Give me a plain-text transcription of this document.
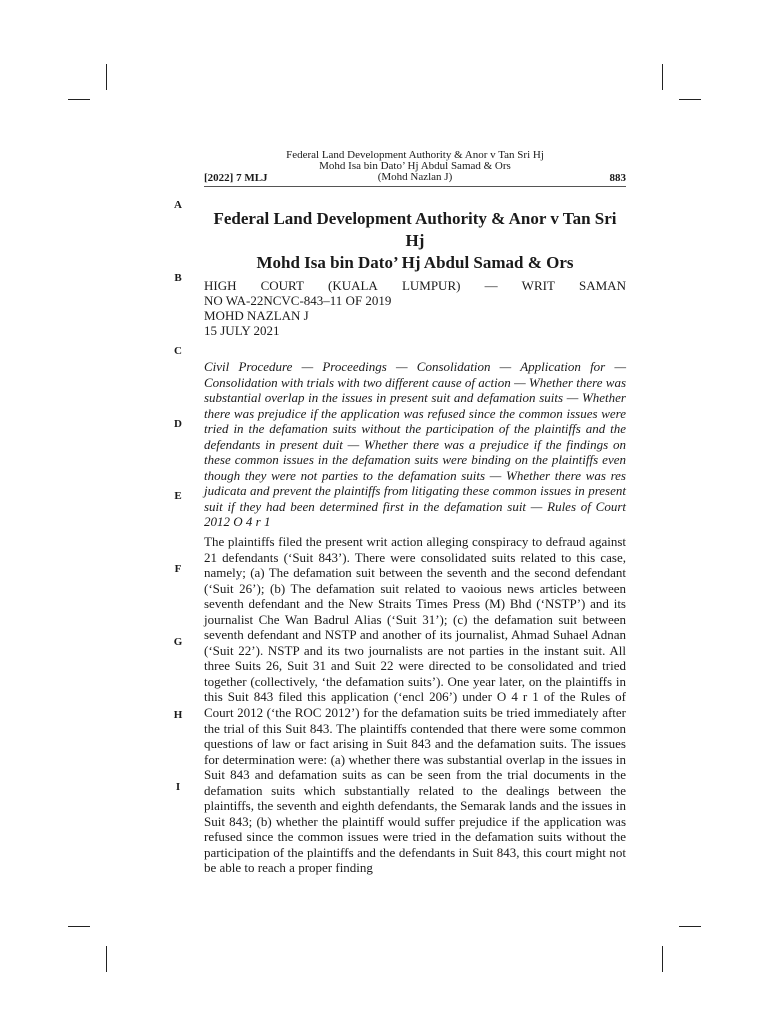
Federal Land Development Authority & Anor v Tan Sri Hj
Mohd Isa bin Dato’ Hj Abdul Samad & Ors
(Mohd Nazlan J)
[2022] 7 MLJ	883
A
B
C
D
E
F
G
H
I
Federal Land Development Authority & Anor v Tan Sri Hj
Mohd Isa bin Dato’ Hj Abdul Samad & Ors
HIGH COURT (KUALA LUMPUR) — WRIT SAMAN
NO WA-22NCVC-843–11 OF 2019
MOHD NAZLAN J
15 JULY 2021
Civil Procedure — Proceedings — Consolidation — Application for — Consolidation with trials with two different cause of action — Whether there was substantial overlap in the issues in present suit and defamation suits — Whether there was prejudice if the application was refused since the common issues were tried in the defamation suits without the participation of the plaintiffs and the defendants in present duit — Whether there was a prejudice if the findings on these common issues in the defamation suits were binding on the plaintiffs even though they were not parties to the defamation suits — Whether there was res judicata and prevent the plaintiffs from litigating these common issues in present suit if they had been determined first in the defamation suit — Rules of Court 2012 O 4 r 1
The plaintiffs filed the present writ action alleging conspiracy to defraud against 21 defendants (‘Suit 843’). There were consolidated suits related to this case, namely; (a) The defamation suit between the seventh and the second defendant (‘Suit 26’); (b) The defamation suit related to vaoious news articles between seventh defendant and the New Straits Times Press (M) Bhd (‘NSTP’) and its journalist Che Wan Badrul Alias (‘Suit 31’); (c) the defamation suit between seventh defendant and NSTP and another of its journalist, Ahmad Suhael Adnan (‘Suit 22’). NSTP and its two journalists are not parties in the instant suit. All three Suits 26, Suit 31 and Suit 22 were directed to be consolidated and tried together (collectively, ‘the defamation suits’). One year later, on the plaintiffs in this Suit 843 filed this application (‘encl 206’) under O 4 r 1 of the Rules of Court 2012 (‘the ROC 2012’) for the defamation suits be tried immediately after the trial of this Suit 843. The plaintiffs contended that there were some common questions of law or fact arising in Suit 843 and the defamation suits. The issues for determination were: (a) whether there was substantial overlap in the issues in Suit 843 and defamation suits as can be seen from the trial documents in the defamation suits which substantially related to the dealings between the plaintiffs, the seventh and eighth defendants, the Semarak lands and the issues in Suit 843; (b) whether the plaintiff would suffer prejudice if the application was refused since the common issues were tried in the defamation suits without the participation of the plaintiffs and the defendants in Suit 843, this court might not be able to reach a proper finding
